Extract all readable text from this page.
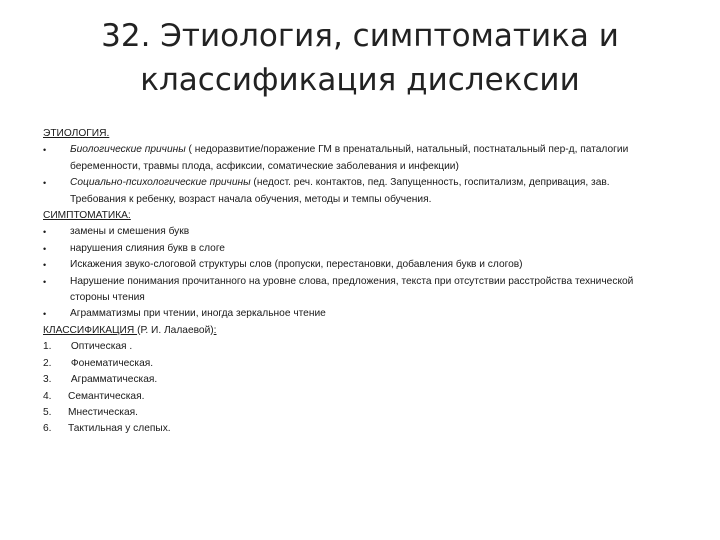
32. Этиология, симптоматика и
классификация дислексии
ЭТИОЛОГИЯ.
•	Биологические причины ( недоразвитие/поражение ГМ в пренатальный, натальный, постнатальный пер-д, паталогии
беременности, травмы плода, асфиксии, соматические заболевания и инфекции)
•	Социально-психологические причины (недост. реч. контактов, пед. Запущенность, госпитализм, депривация, зав.
Требования к ребенку, возраст начала обучения, методы и темпы обучения.
СИМПТОМАТИКА:
•	замены и смешения букв
•	нарушения слияния букв в слоге
•	Искажения звуко-слоговой структуры слов (пропуски, перестановки, добавления букв и слогов)
•	Нарушение понимания прочитанного на уровне слова, предложения, текста при отсутствии расстройства технической
стороны чтения
•	Аграмматизмы при чтении, иногда зеркальное чтение
КЛАССИФИКАЦИЯ (Р. И. Лалаевой):
1.	Оптическая .
2.	Фонематическая.
3.	Аграмматическая.
4.	Семантическая.
5.	Мнестическая.
6.	Тактильная у слепых.
